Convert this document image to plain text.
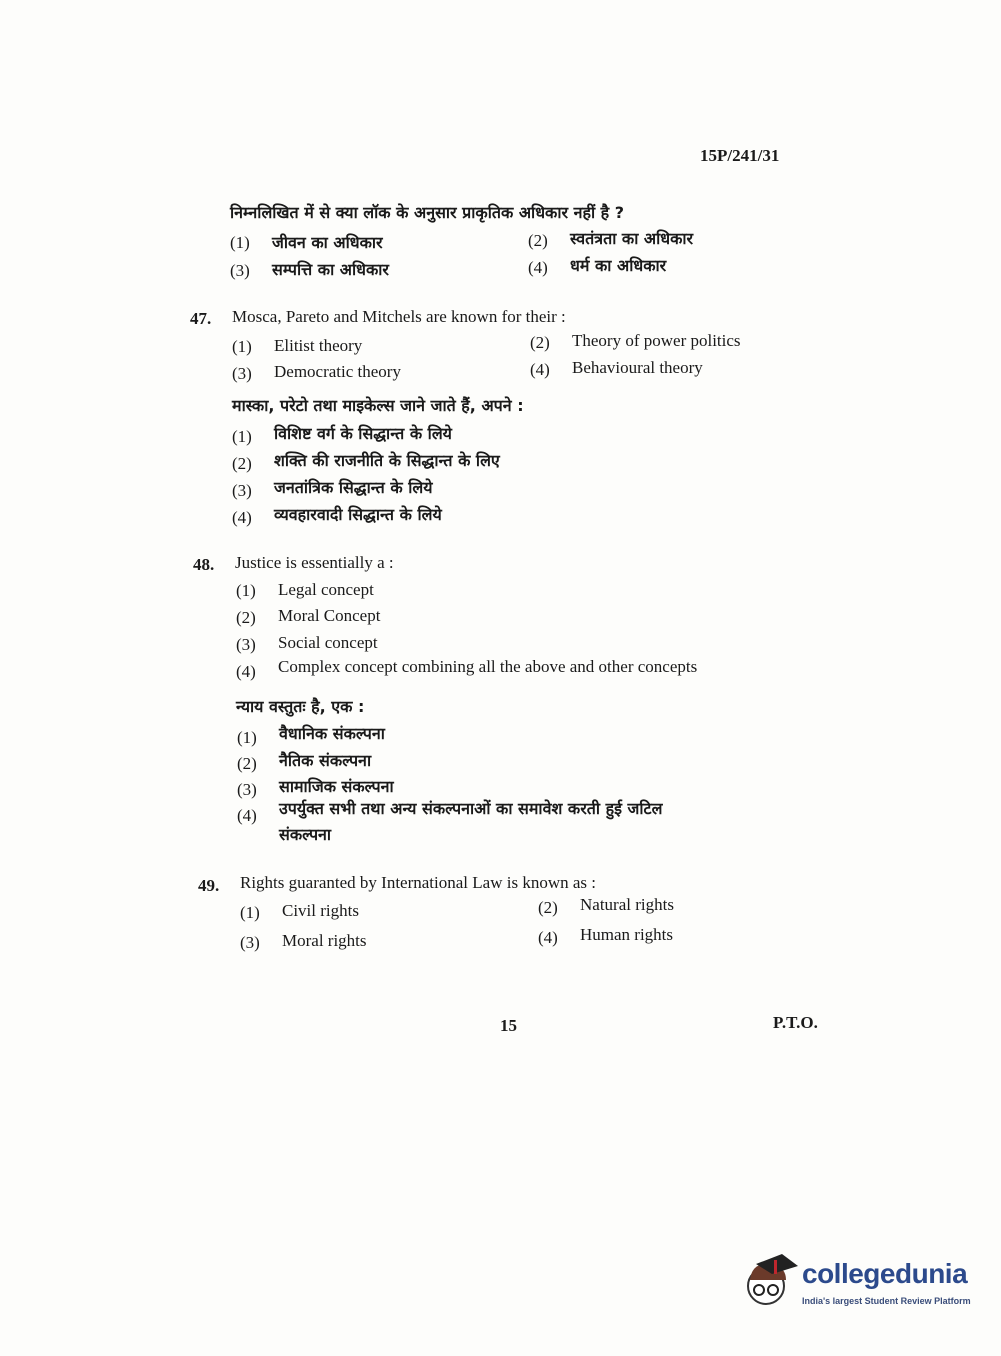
15P/241/31
निम्नलिखित में से क्या लॉक के अनुसार प्राकृतिक अधिकार नहीं है ?
(1) जीवन का अधिकार	(2) स्वतंत्रता का अधिकार
(3) सम्पत्ति का अधिकार	(4) धर्म का अधिकार
47. Mosca, Pareto and Mitchels are known for their :
(1) Elitist theory	(2) Theory of power politics
(3) Democratic theory	(4) Behavioural theory
मास्का, परेटो तथा माइकेल्स जाने जाते हैं, अपने :
(1) विशिष्ट वर्ग के सिद्धान्त के लिये
(2) शक्ति की राजनीति के सिद्धान्त के लिए
(3) जनतांत्रिक सिद्धान्त के लिये
(4) व्यवहारवादी सिद्धान्त के लिये
48. Justice is essentially a :
(1) Legal concept
(2) Moral Concept
(3) Social concept
(4) Complex concept combining all the above and other concepts
न्याय वस्तुतः है, एक :
(1) वैधानिक संकल्पना
(2) नैतिक संकल्पना
(3) सामाजिक संकल्पना
(4) उपर्युक्त सभी तथा अन्य संकल्पनाओं का समावेश करती हुई जटिल
संकल्पना
49. Rights guaranted by International Law is known as :
(1) Civil rights	(2) Natural rights
(3) Moral rights	(4) Human rights
15	P.T.O.
collegedunia
India's largest Student Review Platform
